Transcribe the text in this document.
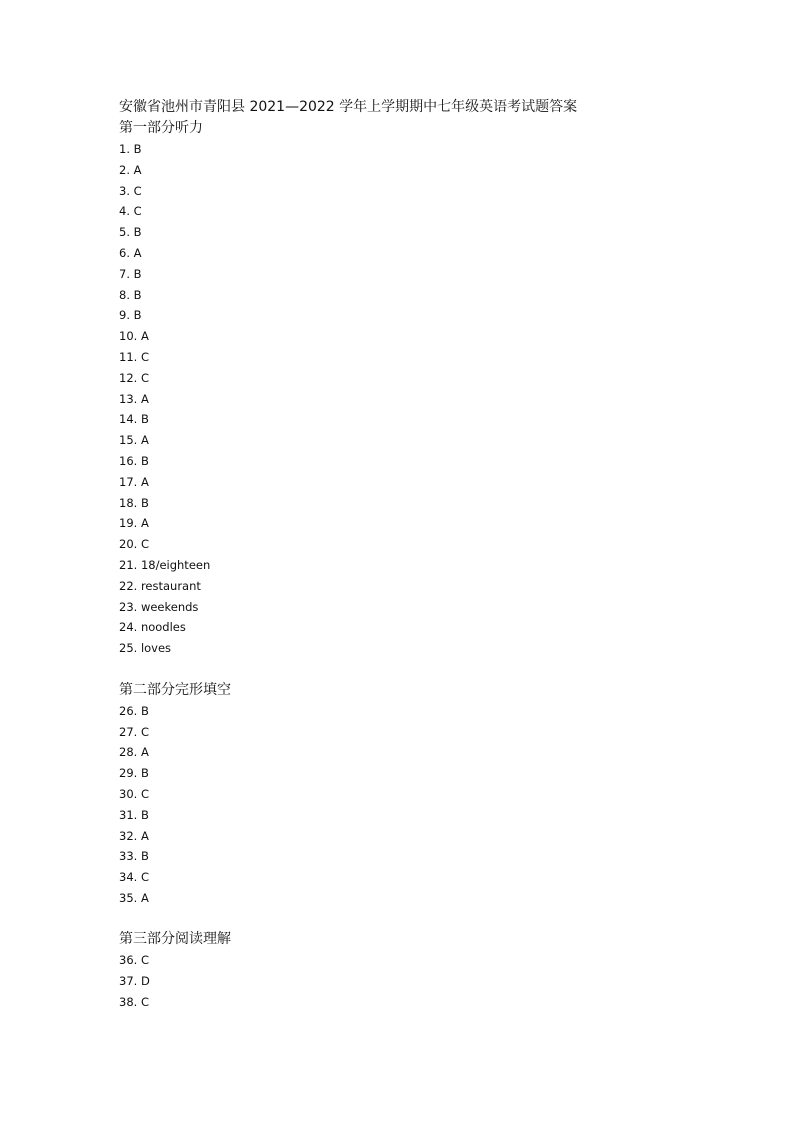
安徽省池州市青阳县 2021—2022 学年上学期期中七年级英语考试题答案
第一部分听力
1. B
2. A
3. C
4. C
5. B
6. A
7. B
8. B
9. B
10. A
11. C
12. C
13. A
14. B
15. A
16. B
17. A
18. B
19. A
20. C
21. 18/eighteen
22. restaurant
23. weekends
24. noodles
25. loves
第二部分完形填空
26. B
27. C
28. A
29. B
30. C
31. B
32. A
33. B
34. C
35. A
第三部分阅读理解
36. C
37. D
38. C
